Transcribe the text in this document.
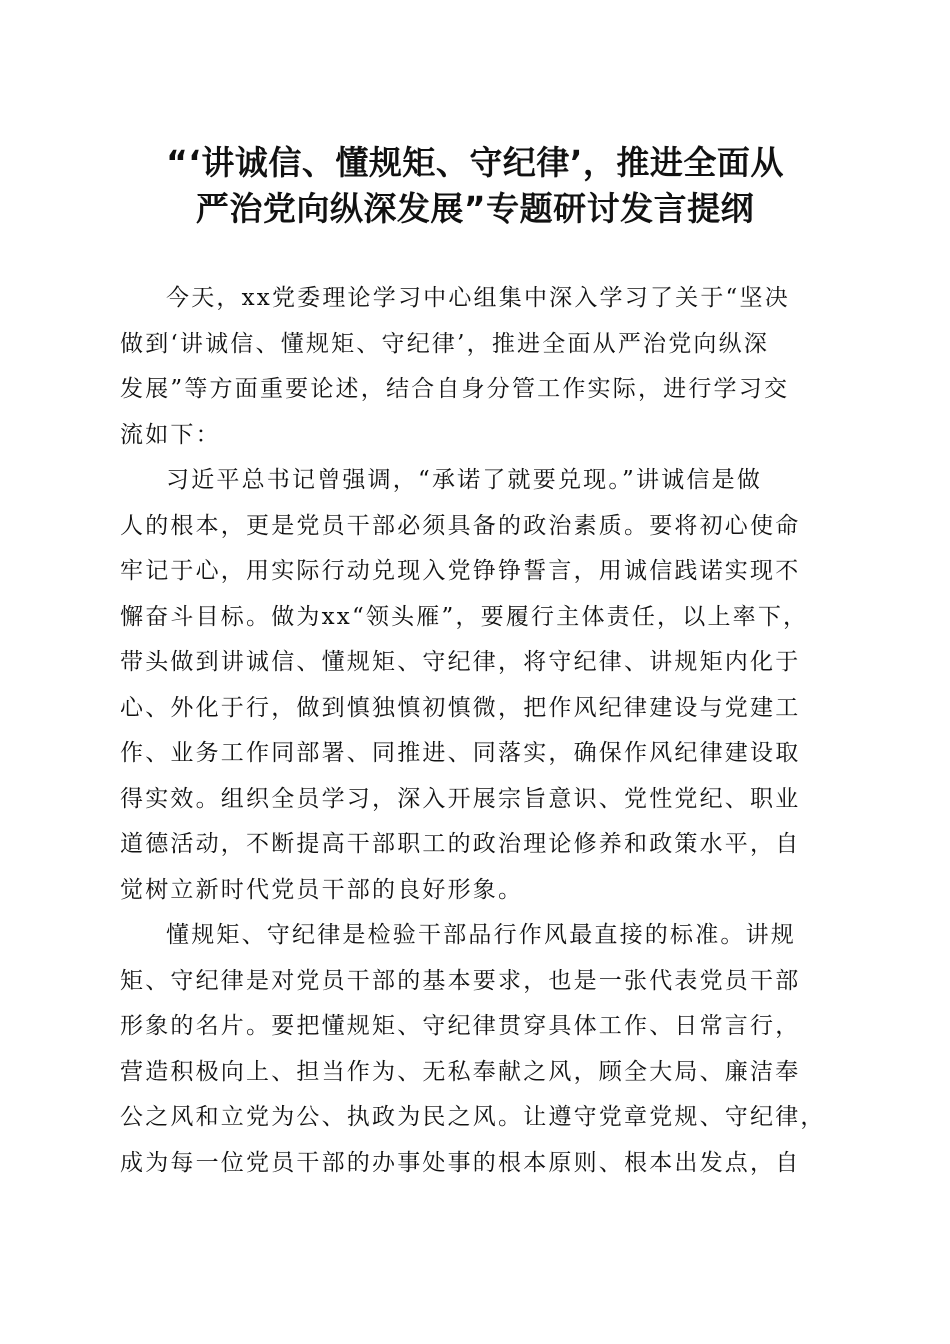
“‘讲诚信、懂规矩、守纪律’，推进全面从
严治党向纵深发展”专题研讨发言提纲

今天，xx党委理论学习中心组集中深入学习了关于“坚决
做到‘讲诚信、懂规矩、守纪律’，推进全面从严治党向纵深
发展”等方面重要论述，结合自身分管工作实际，进行学习交
流如下：

习近平总书记曾强调，“承诺了就要兑现。”讲诚信是做
人的根本，更是党员干部必须具备的政治素质。要将初心使命
牢记于心，用实际行动兑现入党铮铮誓言，用诚信践诺实现不
懈奋斗目标。做为xx“领头雁”，要履行主体责任，以上率下，
带头做到讲诚信、懂规矩、守纪律，将守纪律、讲规矩内化于
心、外化于行，做到慎独慎初慎微，把作风纪律建设与党建工
作、业务工作同部署、同推进、同落实，确保作风纪律建设取
得实效。组织全员学习，深入开展宗旨意识、党性党纪、职业
道德活动，不断提高干部职工的政治理论修养和政策水平，自
觉树立新时代党员干部的良好形象。

懂规矩、守纪律是检验干部品行作风最直接的标准。讲规
矩、守纪律是对党员干部的基本要求，也是一张代表党员干部
形象的名片。要把懂规矩、守纪律贯穿具体工作、日常言行，
营造积极向上、担当作为、无私奉献之风，顾全大局、廉洁奉
公之风和立党为公、执政为民之风。让遵守党章党规、守纪律，
成为每一位党员干部的办事处事的根本原则、根本出发点，自
